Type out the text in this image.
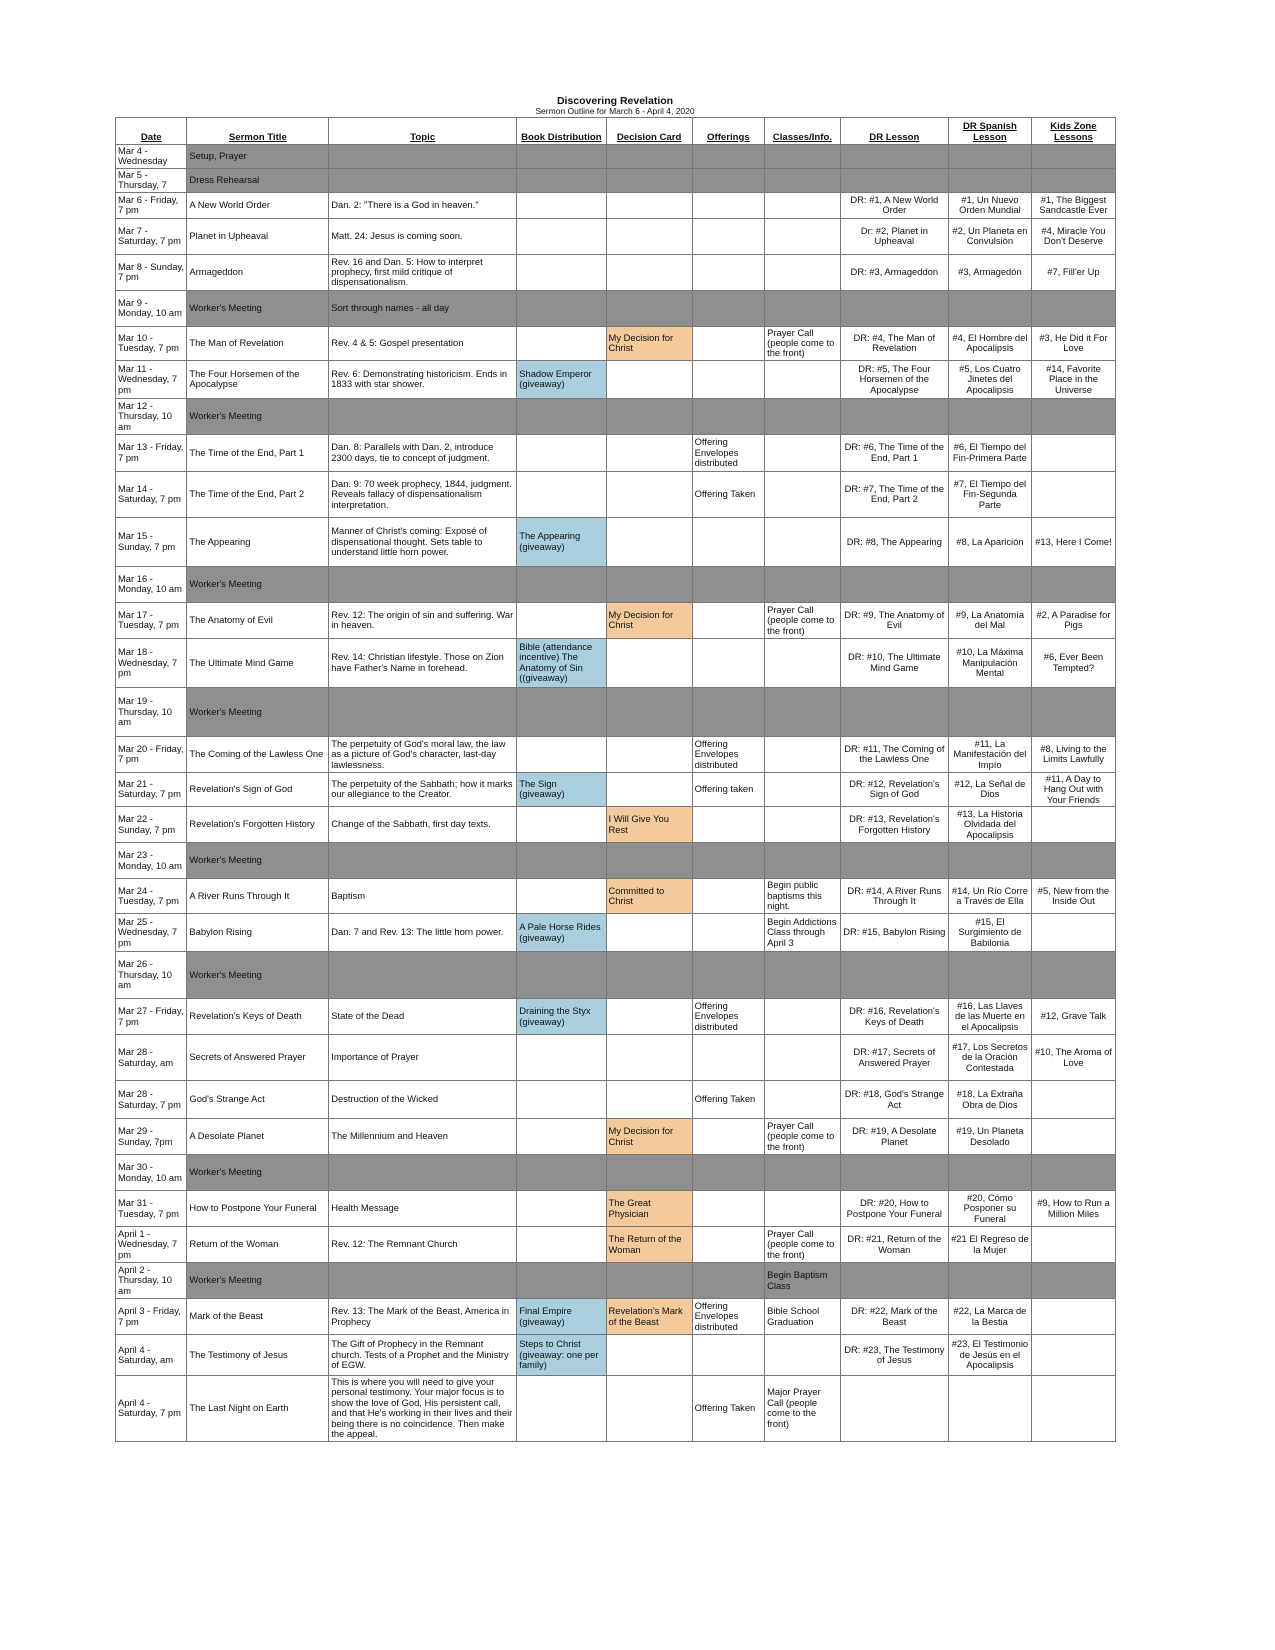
Discovering Revelation
Sermon Outline for March 6 - April 4, 2020
Date	Sermon Title	Topic	Book Distribution	Decision Card	Offerings	Classes/Info.	DR Lesson	DR Spanish Lesson	Kids Zone Lessons
Mar 4 - Wednesday	Setup, Prayer								
Mar 5 - Thursday, 7	Dress Rehearsal								
Mar 6 - Friday, 7 pm	A New World Order	Dan. 2: "There is a God in heaven."					DR: #1, A New World Order	#1, Un Nuevo Orden Mundial	#1, The Biggest Sandcastle Ever
Mar 7 - Saturday, 7 pm	Planet in Upheaval	Matt. 24: Jesus is coming soon.					Dr: #2, Planet in Upheaval	#2, Un Planeta en Convulsión	#4, Miracle You Don't Deserve
Mar 8 - Sunday, 7 pm	Armageddon	Rev. 16 and Dan. 5: How to interpret prophecy, first mild critique of dispensationalism.					DR: #3, Armageddon	#3, Armagedón	#7, Fill'er Up
Mar 9 - Monday, 10 am	Worker's Meeting	Sort through names - all day							
Mar 10 - Tuesday, 7 pm	The Man of Revelation	Rev. 4 & 5: Gospel presentation		My Decision for Christ		Prayer Call (people come to the front)	DR: #4, The Man of Revelation	#4, El Hombre del Apocalipsis	#3, He Did it For Love
Mar 11 - Wednesday, 7 pm	The Four Horsemen of the Apocalypse	Rev. 6: Demonstrating historicism. Ends in 1833 with star shower.	Shadow Emperor (giveaway)				DR: #5, The Four Horsemen of the Apocalypse	#5, Los Cuatro Jinetes del Apocalipsis	#14, Favorite Place in the Universe
Mar 12 - Thursday, 10 am	Worker's Meeting								
Mar 13 - Friday, 7 pm	The Time of the End, Part 1	Dan. 8: Parallels with Dan. 2, introduce 2300 days, tie to concept of judgment.			Offering Envelopes distributed		DR: #6, The Time of the End, Part 1	#6, El Tiempo del Fin-Primera Parte	
Mar 14 - Saturday, 7 pm	The Time of the End, Part 2	Dan. 9: 70 week prophecy, 1844, judgment. Reveals fallacy of dispensationalism interpretation.			Offering Taken		DR: #7, The Time of the End, Part 2	#7, El Tiempo del Fin-Segunda Parte	
Mar 15 - Sunday, 7 pm	The Appearing	Manner of Christ's coming: Exposé of dispensational thought. Sets table to understand little horn power.	The Appearing (giveaway)				DR: #8, The Appearing	#8, La Aparición	#13, Here I Come!
Mar 16 - Monday, 10 am	Worker's Meeting								
Mar 17 - Tuesday, 7 pm	The Anatomy of Evil	Rev. 12: The origin of sin and suffering. War in heaven.		My Decision for Christ		Prayer Call (people come to the front)	DR: #9, The Anatomy of Evil	#9, La Anatomía del Mal	#2, A Paradise for Pigs
Mar 18 - Wednesday, 7 pm	The Ultimate Mind Game	Rev. 14: Christian lifestyle. Those on Zion have Father's Name in forehead.	Bible (attendance incentive) The Anatomy of Sin ((giveaway)				DR: #10, The Ultimate Mind Game	#10, La Máxima Manipulación Mental	#6, Ever Been Tempted?
Mar 19 - Thursday, 10 am	Worker's Meeting								
Mar 20 - Friday, 7 pm	The Coming of the Lawless One	The perpetuity of God's moral law, the law as a picture of God's character, last-day lawlessness.			Offering Envelopes distributed		DR: #11, The Coming of the Lawless One	#11, La Manifestación del Impío	#8, Living to the Limits Lawfully
Mar 21 - Saturday, 7 pm	Revelation's Sign of God	The perpetuity of the Sabbath; how it marks our allegiance to the Creator.	The Sign (giveaway)		Offering taken		DR: #12, Revelation's Sign of God	#12, La Señal de Dios	#11, A Day to Hang Out with Your Friends
Mar 22 - Sunday, 7 pm	Revelation's Forgotten History	Change of the Sabbath, first day texts.		I Will Give You Rest			DR: #13, Revelation's Forgotten History	#13, La Historia Olvidada del Apocalipsis	
Mar 23 - Monday, 10 am	Worker's Meeting								
Mar 24 - Tuesday, 7 pm	A River Runs Through It	Baptism		Committed to Christ		Begin public baptisms this night.	DR: #14, A River Runs Through It	#14, Un Río Corre a Través de Ella	#5, New from the Inside Out
Mar 25 - Wednesday, 7 pm	Babylon Rising	Dan. 7 and Rev. 13: The little horn power.	A Pale Horse Rides (giveaway)			Begin Addictions Class through April 3	DR: #15, Babylon Rising	#15, El Surgimiento de Babilonia	
Mar 26 - Thursday, 10 am	Worker's Meeting								
Mar 27 - Friday, 7 pm	Revelation's Keys of Death	State of the Dead	Draining the Styx (giveaway)		Offering Envelopes distributed		DR: #16, Revelation's Keys of Death	#16, Las Llaves de las Muerte en el Apocalipsis	#12, Grave Talk
Mar 28 - Saturday, am	Secrets of Answered Prayer	Importance of Prayer					DR: #17, Secrets of Answered Prayer	#17, Los Secretos de la Oración Contestada	#10, The Aroma of Love
Mar 28 - Saturday, 7 pm	God's Strange Act	Destruction of the Wicked			Offering Taken		DR: #18, God's Strange Act	#18, La Extraña Obra de Dios	
Mar 29 - Sunday, 7pm	A Desolate Planet	The Millennium and Heaven		My Decision for Christ		Prayer Call (people come to the front)	DR: #19, A Desolate Planet	#19, Un Planeta Desolado	
Mar 30 - Monday, 10 am	Worker's Meeting								
Mar 31 - Tuesday, 7 pm	How to Postpone Your Funeral	Health Message		The Great Physician			DR: #20, How to Postpone Your Funeral	#20, Cómo Posponer su Funeral	#9, How to Run a Million Miles
April 1 - Wednesday, 7 pm	Return of the Woman	Rev. 12: The Remnant Church		The Return of the Woman		Prayer Call (people come to the front)	DR: #21, Return of the Woman	#21 El Regreso de la Mujer	
April 2 - Thursday, 10 am	Worker's Meeting					Begin Baptism Class			
April 3 - Friday, 7 pm	Mark of the Beast	Rev. 13: The Mark of the Beast, America in Prophecy	Final Empire (giveaway)	Revelation's Mark of the Beast	Offering Envelopes distributed	Bible School Graduation	DR: #22, Mark of the Beast	#22, La Marca de la Bestia	
April 4 - Saturday, am	The Testimony of Jesus	The Gift of Prophecy in the Remnant church. Tests of a Prophet and the Ministry of EGW.	Steps to Christ (giveaway: one per family)				DR: #23, The Testimony of Jesus	#23, El Testimonio de Jesús en el Apocalipsis	
April 4 - Saturday, 7 pm	The Last Night on Earth	This is where you will need to give your personal testimony. Your major focus is to show the love of God, His persistent call, and that He's working in their lives and their being there is no coincidence. Then make the appeal.			Offering Taken	Major Prayer Call (people come to the front)			
